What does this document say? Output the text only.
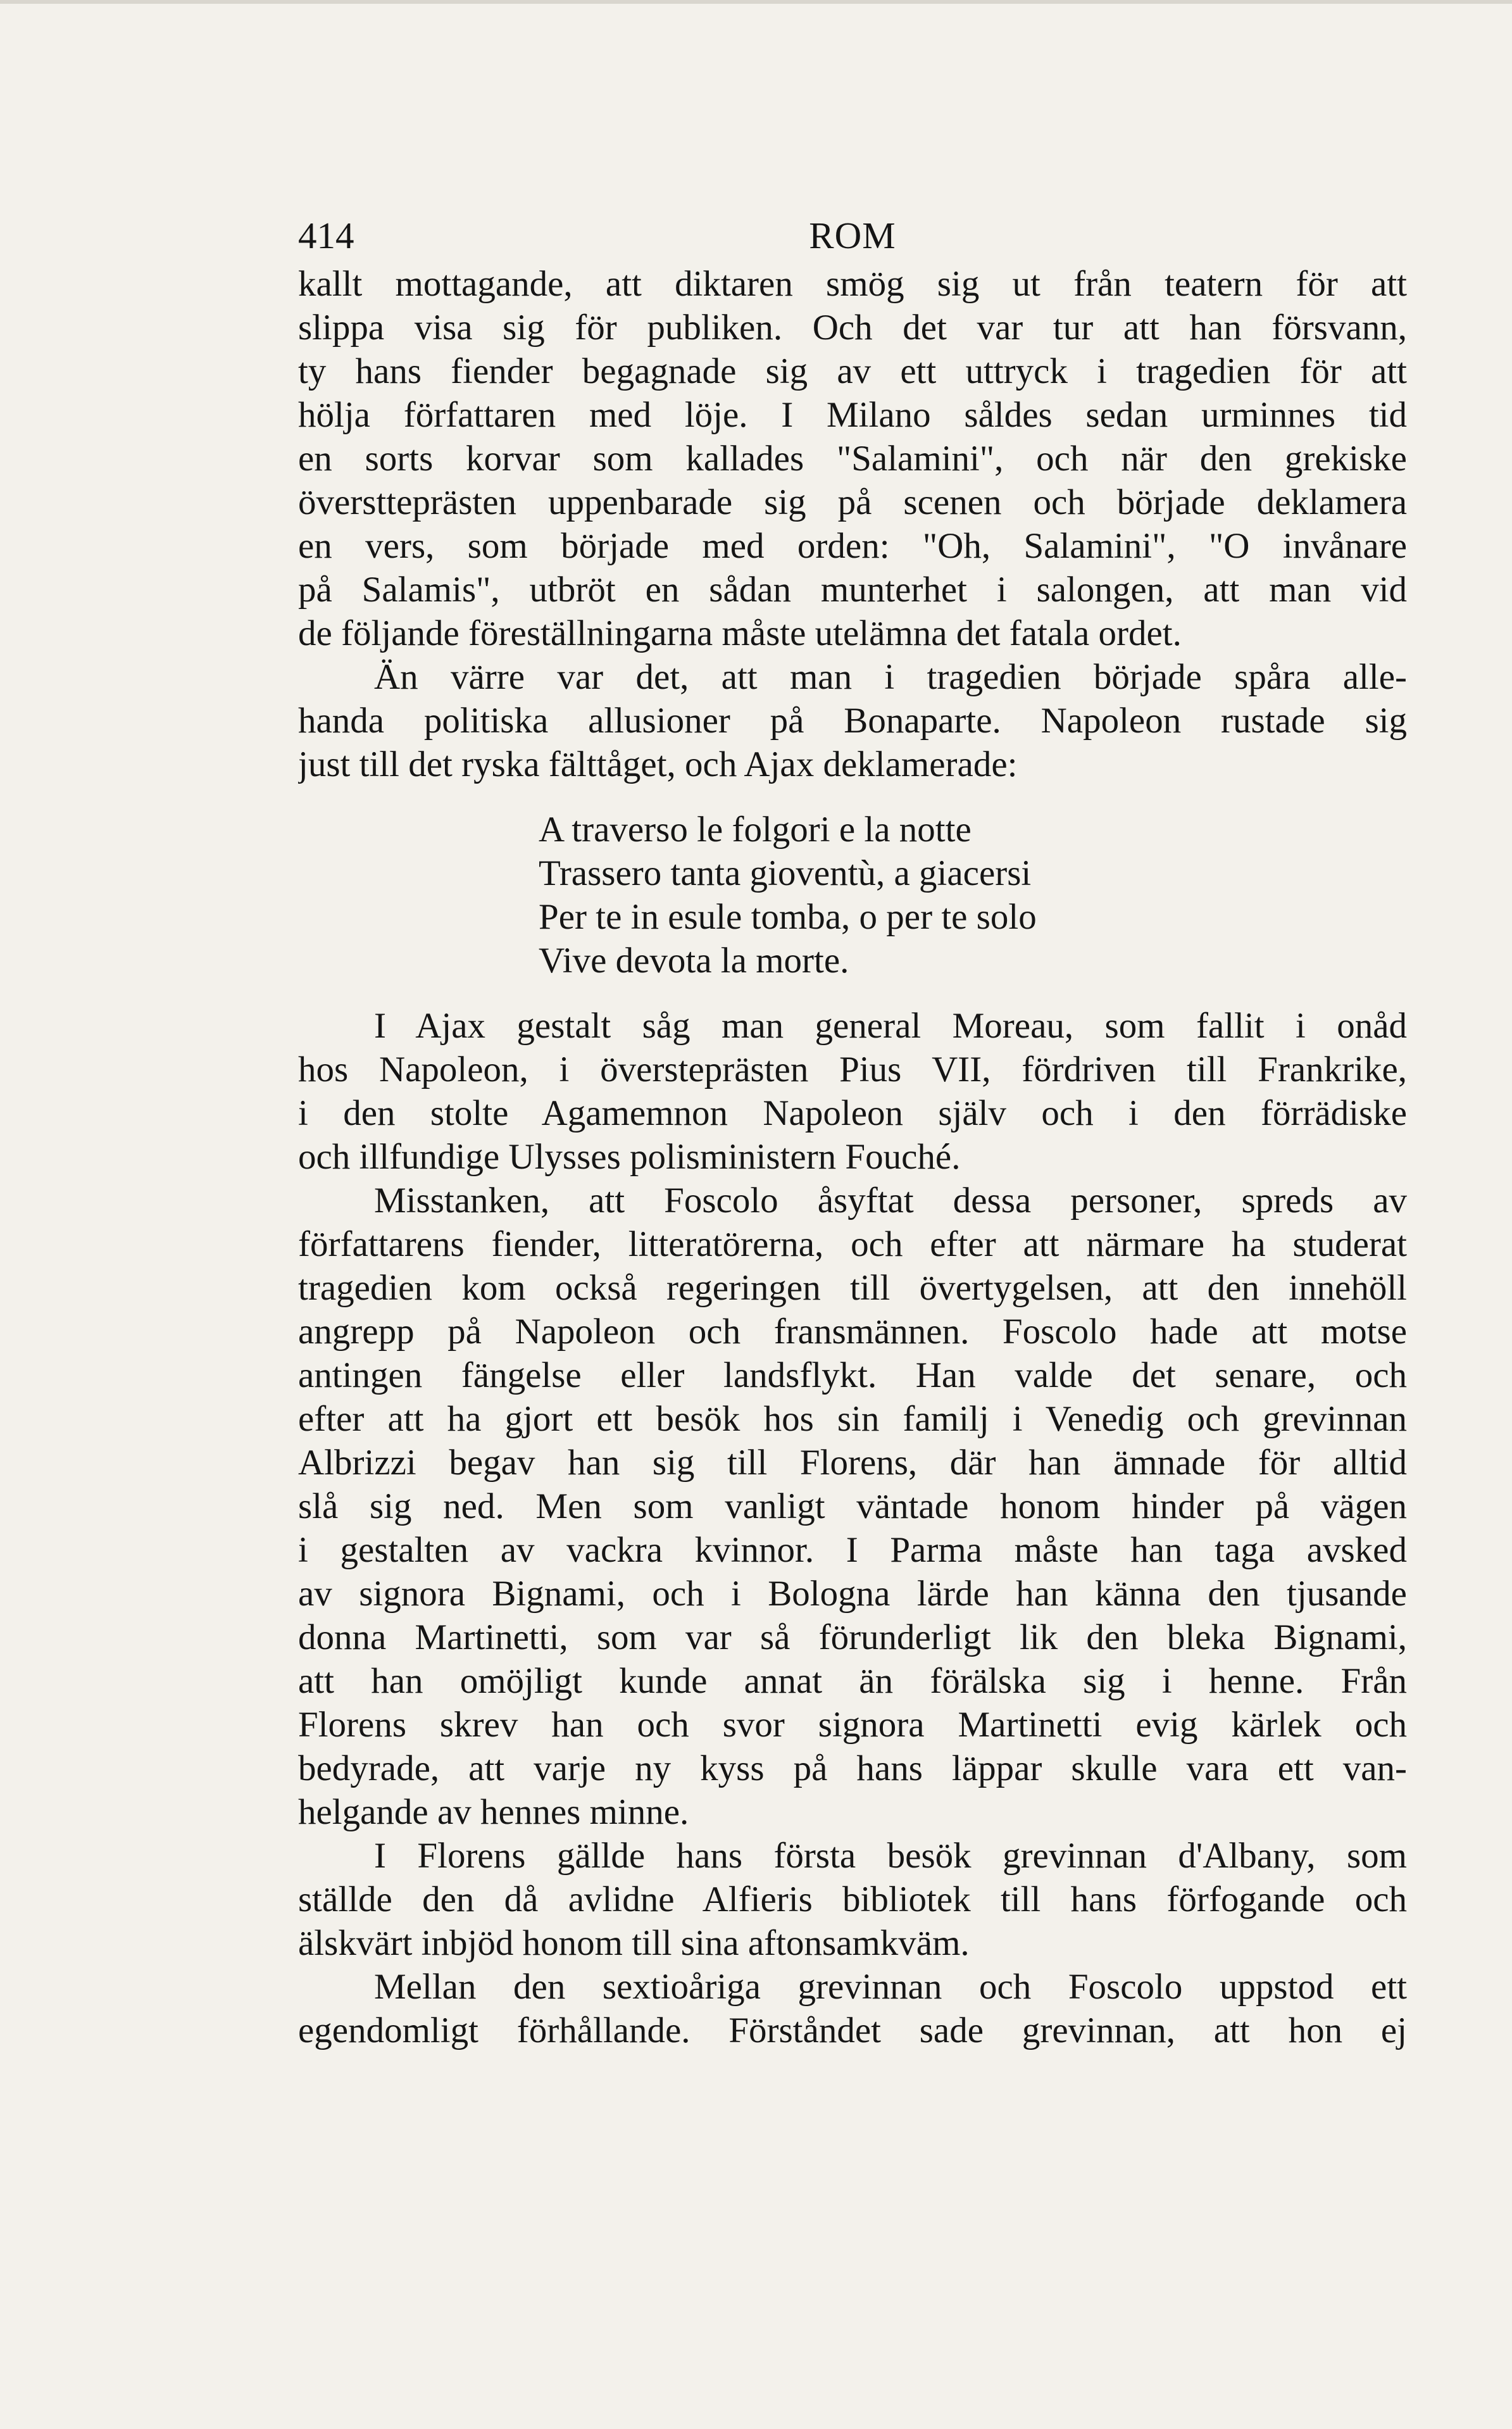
414	ROM
kallt mottagande, att diktaren smög sig ut från teatern för att
slippa visa sig för publiken. Och det var tur att han försvann,
ty hans fiender begagnade sig av ett uttryck i tragedien för att
hölja författaren med löje. I Milano såldes sedan urminnes tid
en sorts korvar som kallades "Salamini", och när den grekiske
överstteprästen uppenbarade sig på scenen och började deklamera
en vers, som började med orden: "Oh, Salamini", "O invånare
på Salamis", utbröt en sådan munterhet i salongen, att man vid
de följande föreställningarna måste utelämna det fatala ordet.
Än värre var det, att man i tragedien började spåra alle-
handa politiska allusioner på Bonaparte. Napoleon rustade sig
just till det ryska fälttåget, och Ajax deklamerade:
A traverso le folgori e la notte
Trassero tanta gioventù, a giacersi
Per te in esule tomba, o per te solo
Vive devota la morte.
I Ajax gestalt såg man general Moreau, som fallit i onåd
hos Napoleon, i översteprästen Pius VII, fördriven till Frankrike,
i den stolte Agamemnon Napoleon själv och i den förrädiske
och illfundige Ulysses polisministern Fouché.
Misstanken, att Foscolo åsyftat dessa personer, spreds av
författarens fiender, litteratörerna, och efter att närmare ha studerat
tragedien kom också regeringen till övertygelsen, att den innehöll
angrepp på Napoleon och fransmännen. Foscolo hade att motse
antingen fängelse eller landsflykt. Han valde det senare, och
efter att ha gjort ett besök hos sin familj i Venedig och grevinnan
Albrizzi begav han sig till Florens, där han ämnade för alltid
slå sig ned. Men som vanligt väntade honom hinder på vägen
i gestalten av vackra kvinnor. I Parma måste han taga avsked
av signora Bignami, och i Bologna lärde han känna den tjusande
donna Martinetti, som var så förunderligt lik den bleka Bignami,
att han omöjligt kunde annat än förälska sig i henne. Från
Florens skrev han och svor signora Martinetti evig kärlek och
bedyrade, att varje ny kyss på hans läppar skulle vara ett van-
helgande av hennes minne.
I Florens gällde hans första besök grevinnan d'Albany, som
ställde den då avlidne Alfieris bibliotek till hans förfogande och
älskvärt inbjöd honom till sina aftonsamkväm.
Mellan den sextioåriga grevinnan och Foscolo uppstod ett
egendomligt förhållande. Förståndet sade grevinnan, att hon ej
